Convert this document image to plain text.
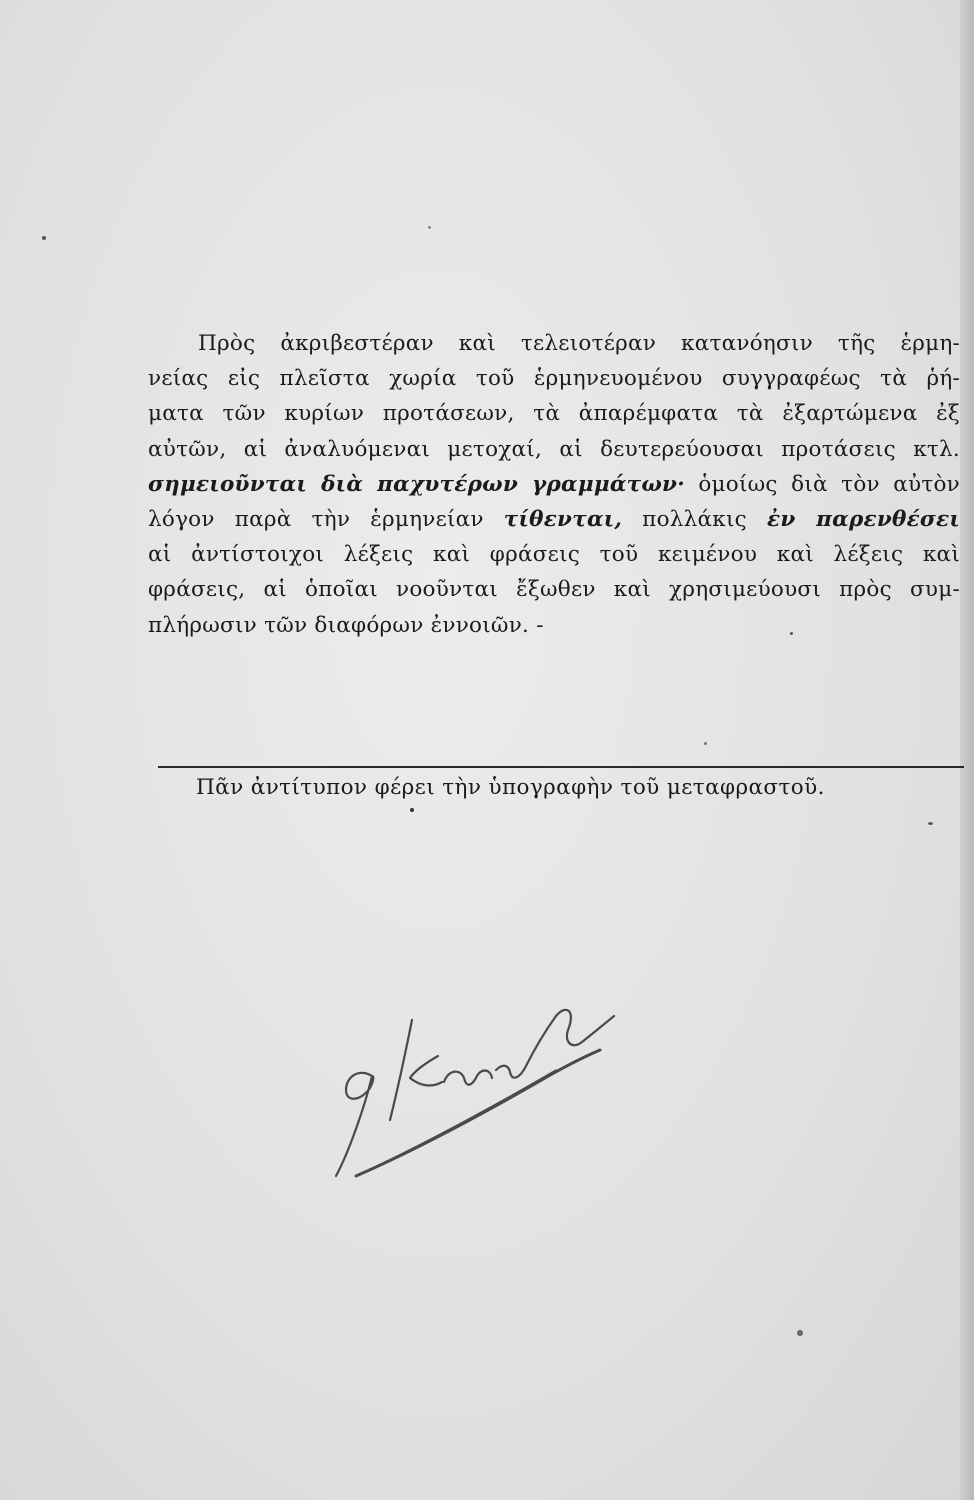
Πρὸς ἀκριβεστέραν καὶ τελειοτέραν κατανόησιν τῆς ἑρμη-
νείας εἰς πλεῖστα χωρία τοῦ ἑρμηνευομένου συγγραφέως τὰ ῥή-
ματα τῶν κυρίων προτάσεων, τὰ ἀπαρέμφατα τὰ ἐξαρτώμενα ἐξ
αὐτῶν, αἱ ἀναλυόμεναι μετοχαί, αἱ δευτερεύουσαι προτάσεις κτλ.
σημειοῦνται διὰ παχυτέρων γραμμάτων· ὁμοίως διὰ τὸν αὐτὸν
λόγον παρὰ τὴν ἑρμηνείαν τίθενται, πολλάκις ἐν παρενθέσει
αἱ ἀντίστοιχοι λέξεις καὶ φράσεις τοῦ κειμένου καὶ λέξεις καὶ
φράσεις, αἱ ὁποῖαι νοοῦνται ἔξωθεν καὶ χρησιμεύουσι πρὸς συμ-
πλήρωσιν τῶν διαφόρων ἐννοιῶν. -
Πᾶν ἀντίτυπον φέρει τὴν ὑπογραφὴν τοῦ μεταφραστοῦ.
